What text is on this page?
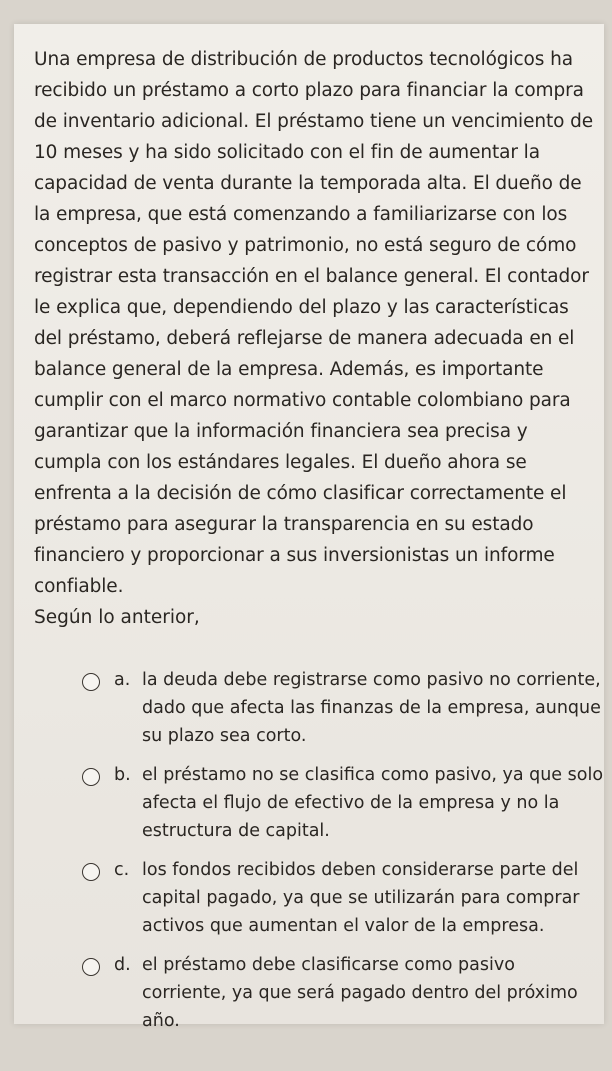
Una empresa de distribución de productos tecnológicos ha recibido un préstamo a corto plazo para financiar la compra de inventario adicional. El préstamo tiene un vencimiento de 10 meses y ha sido solicitado con el fin de aumentar la capacidad de venta durante la temporada alta. El dueño de la empresa, que está comenzando a familiarizarse con los conceptos de pasivo y patrimonio, no está seguro de cómo registrar esta transacción en el balance general. El contador le explica que, dependiendo del plazo y las características del préstamo, deberá reflejarse de manera adecuada en el balance general de la empresa. Además, es importante cumplir con el marco normativo contable colombiano para garantizar que la información financiera sea precisa y cumpla con los estándares legales. El dueño ahora se enfrenta a la decisión de cómo clasificar correctamente el préstamo para asegurar la transparencia en su estado financiero y proporcionar a sus inversionistas un informe confiable.

Según lo anterior,

a. la deuda debe registrarse como pasivo no corriente, dado que afecta las finanzas de la empresa, aunque su plazo sea corto.
b. el préstamo no se clasifica como pasivo, ya que solo afecta el flujo de efectivo de la empresa y no la estructura de capital.
c. los fondos recibidos deben considerarse parte del capital pagado, ya que se utilizarán para comprar activos que aumentan el valor de la empresa.
d. el préstamo debe clasificarse como pasivo corriente, ya que será pagado dentro del próximo año.
